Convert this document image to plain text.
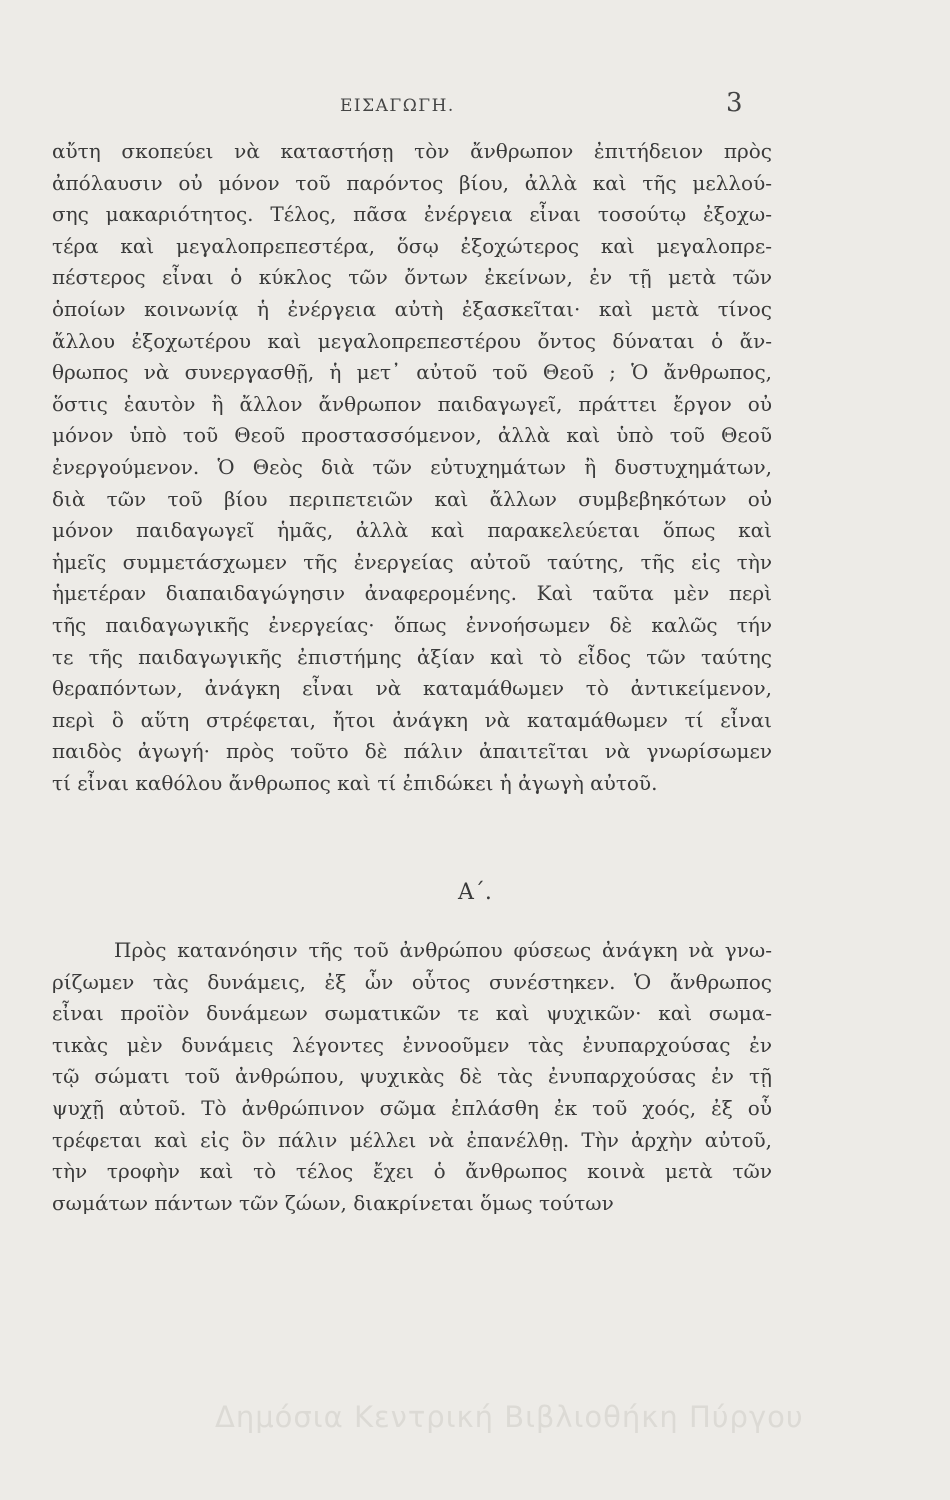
ΕΙΣΑΓΩΓΗ.	3
αὔτη σκοπεύει νὰ καταστήσῃ τὸν ἄνθρωπον ἐπιτήδειον πρὸς
ἀπόλαυσιν οὐ μόνον τοῦ παρόντος βίου, ἀλλὰ καὶ τῆς μελλού-
σης μακαριότητος. Τέλος, πᾶσα ἐνέργεια εἶναι τοσούτῳ ἐξοχω-
τέρα καὶ μεγαλοπρεπεστέρα, ὅσῳ ἐξοχώτερος καὶ μεγαλοπρε-
πέστερος εἶναι ὁ κύκλος τῶν ὄντων ἐκείνων, ἐν τῇ μετὰ τῶν
ὁποίων κοινωνίᾳ ἡ ἐνέργεια αὐτὴ ἐξασκεῖται· καὶ μετὰ τίνος
ἄλλου ἐξοχωτέρου καὶ μεγαλοπρεπεστέρου ὄντος δύναται ὁ ἄν-
θρωπος νὰ συνεργασθῇ, ἡ μετ᾽ αὐτοῦ τοῦ Θεοῦ ; Ὁ ἄνθρωπος,
ὅστις ἑαυτὸν ἢ ἄλλον ἄνθρωπον παιδαγωγεῖ, πράττει ἔργον οὐ
μόνον ὑπὸ τοῦ Θεοῦ προστασσόμενον, ἀλλὰ καὶ ὑπὸ τοῦ Θεοῦ
ἐνεργούμενον. Ὁ Θεὸς διὰ τῶν εὐτυχημάτων ἢ δυστυχημάτων,
διὰ τῶν τοῦ βίου περιπετειῶν καὶ ἄλλων συμβεβηκότων οὐ
μόνον παιδαγωγεῖ ἡμᾶς, ἀλλὰ καὶ παρακελεύεται ὅπως καὶ
ἡμεῖς συμμετάσχωμεν τῆς ἐνεργείας αὐτοῦ ταύτης, τῆς εἰς τὴν
ἡμετέραν διαπαιδαγώγησιν ἀναφερομένης. Καὶ ταῦτα μὲν περὶ
τῆς παιδαγωγικῆς ἐνεργείας· ὅπως ἐννοήσωμεν δὲ καλῶς τήν
τε τῆς παιδαγωγικῆς ἐπιστήμης ἀξίαν καὶ τὸ εἶδος τῶν ταύτης
θεραπόντων, ἀνάγκη εἶναι νὰ καταμάθωμεν τὸ ἀντικείμενον,
περὶ ὃ αὕτη στρέφεται, ἤτοι ἀνάγκη νὰ καταμάθωμεν τί εἶναι
παιδὸς ἀγωγή· πρὸς τοῦτο δὲ πάλιν ἀπαιτεῖται νὰ γνωρίσωμεν
τί εἶναι καθόλου ἄνθρωπος καὶ τί ἐπιδώκει ἡ ἀγωγὴ αὐτοῦ.
Α΄.
Πρὸς κατανόησιν τῆς τοῦ ἀνθρώπου φύσεως ἀνάγκη νὰ γνω-
ρίζωμεν τὰς δυνάμεις, ἐξ ὧν οὗτος συνέστηκεν. Ὁ ἄνθρωπος
εἶναι προϊὸν δυνάμεων σωματικῶν τε καὶ ψυχικῶν· καὶ σωμα-
τικὰς μὲν δυνάμεις λέγοντες ἐννοοῦμεν τὰς ἐνυπαρχούσας ἐν
τῷ σώματι τοῦ ἀνθρώπου, ψυχικὰς δὲ τὰς ἐνυπαρχούσας ἐν τῇ
ψυχῇ αὐτοῦ. Τὸ ἀνθρώπινον σῶμα ἐπλάσθη ἐκ τοῦ χοός, ἐξ οὗ
τρέφεται καὶ εἰς ὃν πάλιν μέλλει νὰ ἐπανέλθῃ. Τὴν ἀρχὴν αὐτοῦ,
τὴν τροφὴν καὶ τὸ τέλος ἔχει ὁ ἄνθρωπος κοινὰ μετὰ τῶν
σωμάτων πάντων τῶν ζώων, διακρίνεται ὅμως τούτων
Δημόσια Κεντρική Βιβλιοθήκη Πύργου
